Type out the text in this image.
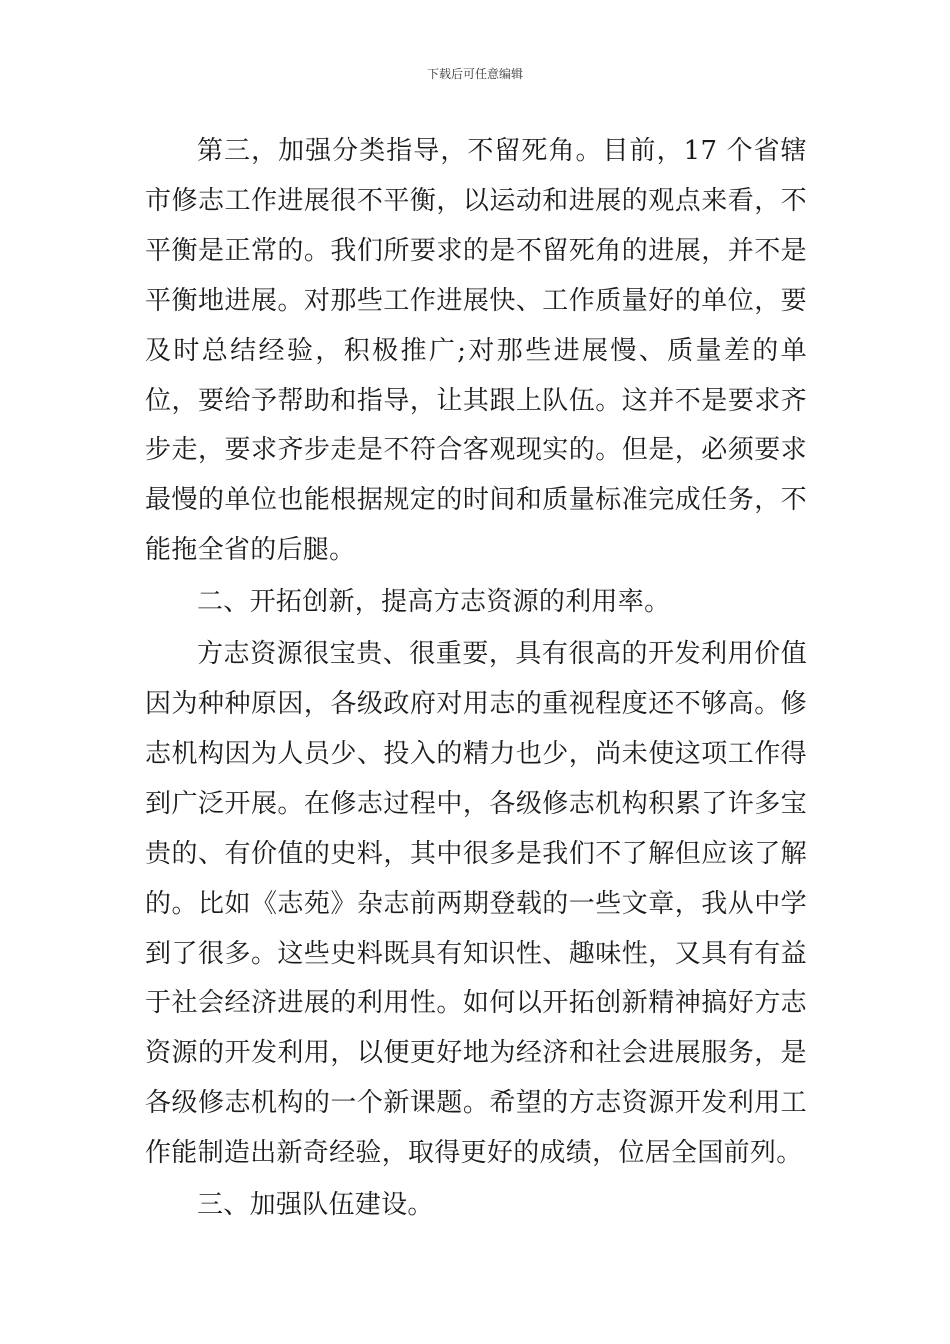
下载后可任意编辑

第三，加强分类指导，不留死角。目前，17 个省辖市修志工作进展很不平衡，以运动和进展的观点来看，不平衡是正常的。我们所要求的是不留死角的进展，并不是平衡地进展。对那些工作进展快、工作质量好的单位，要及时总结经验，积极推广;对那些进展慢、质量差的单位，要给予帮助和指导，让其跟上队伍。这并不是要求齐步走，要求齐步走是不符合客观现实的。但是，必须要求最慢的单位也能根据规定的时间和质量标准完成任务，不能拖全省的后腿。

二、开拓创新，提高方志资源的利用率。

方志资源很宝贵、很重要，具有很高的开发利用价值因为种种原因，各级政府对用志的重视程度还不够高。修志机构因为人员少、投入的精力也少，尚未使这项工作得到广泛开展。在修志过程中，各级修志机构积累了许多宝贵的、有价值的史料，其中很多是我们不了解但应该了解的。比如《志苑》杂志前两期登载的一些文章，我从中学到了很多。这些史料既具有知识性、趣味性，又具有有益于社会经济进展的利用性。如何以开拓创新精神搞好方志资源的开发利用，以便更好地为经济和社会进展服务，是各级修志机构的一个新课题。希望的方志资源开发利用工作能制造出新奇经验，取得更好的成绩，位居全国前列。

三、加强队伍建设。
